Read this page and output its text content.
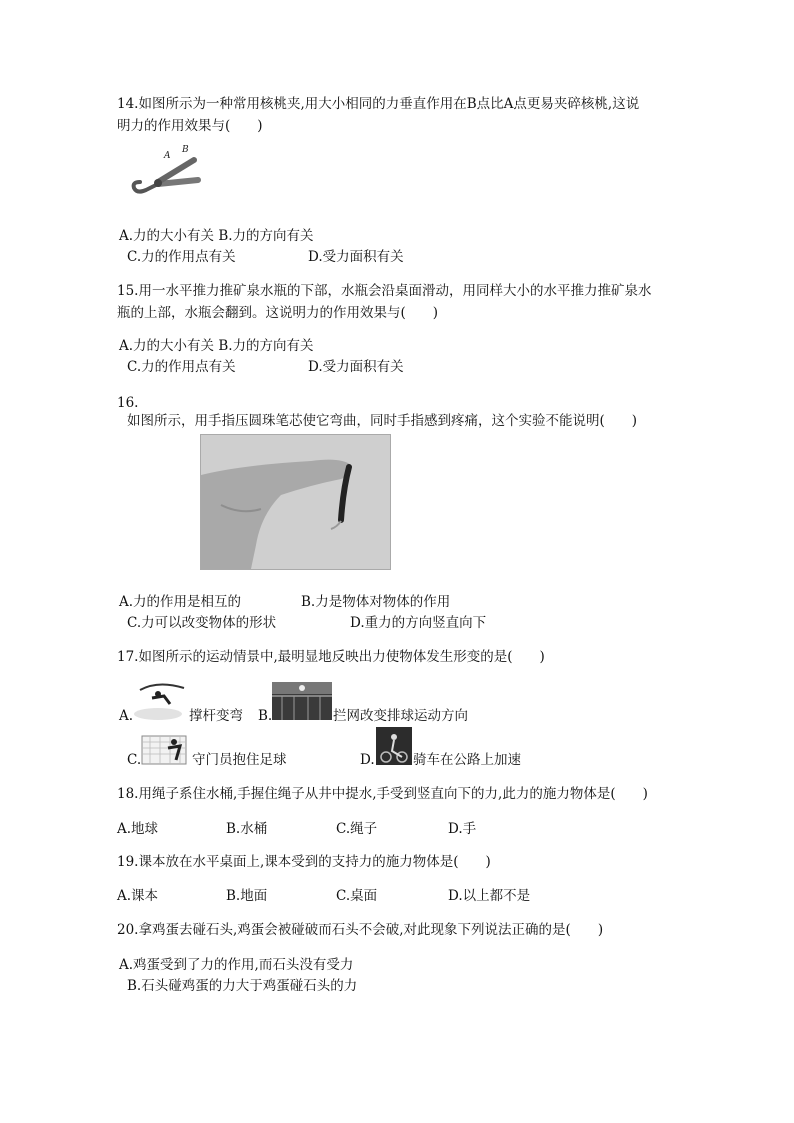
14.如图所示为一种常用核桃夹,用大小相同的力垂直作用在B点比A点更易夹碎核桃,这说
明力的作用效果与(　　)
A
B
A.力的大小有关 B.力的方向有关
C.力的作用点有关	D.受力面积有关
15.用一水平推力推矿泉水瓶的下部，水瓶会沿桌面滑动，用同样大小的水平推力推矿泉水
瓶的上部，水瓶会翻到。这说明力的作用效果与(　　)
A.力的大小有关 B.力的方向有关
C.力的作用点有关	D.受力面积有关
16.
如图所示，用手指压圆珠笔芯使它弯曲，同时手指感到疼痛，这个实验不能说明(　　)
A.力的作用是相互的	B.力是物体对物体的作用
C.力可以改变物体的形状	D.重力的方向竖直向下
17.如图所示的运动情景中,最明显地反映出力使物体发生形变的是(　　)
A.	撑杆变弯 B.	拦网改变排球运动方向
C.	守门员抱住足球	D.	骑车在公路上加速
18.用绳子系住水桶,手握住绳子从井中提水,手受到竖直向下的力,此力的施力物体是(　　)
A.地球	B.水桶	C.绳子	D.手
19.课本放在水平桌面上,课本受到的支持力的施力物体是(　　)
A.课本	B.地面	C.桌面	D.以上都不是
20.拿鸡蛋去碰石头,鸡蛋会被碰破而石头不会破,对此现象下列说法正确的是(　　)
A.鸡蛋受到了力的作用,而石头没有受力
B.石头碰鸡蛋的力大于鸡蛋碰石头的力
